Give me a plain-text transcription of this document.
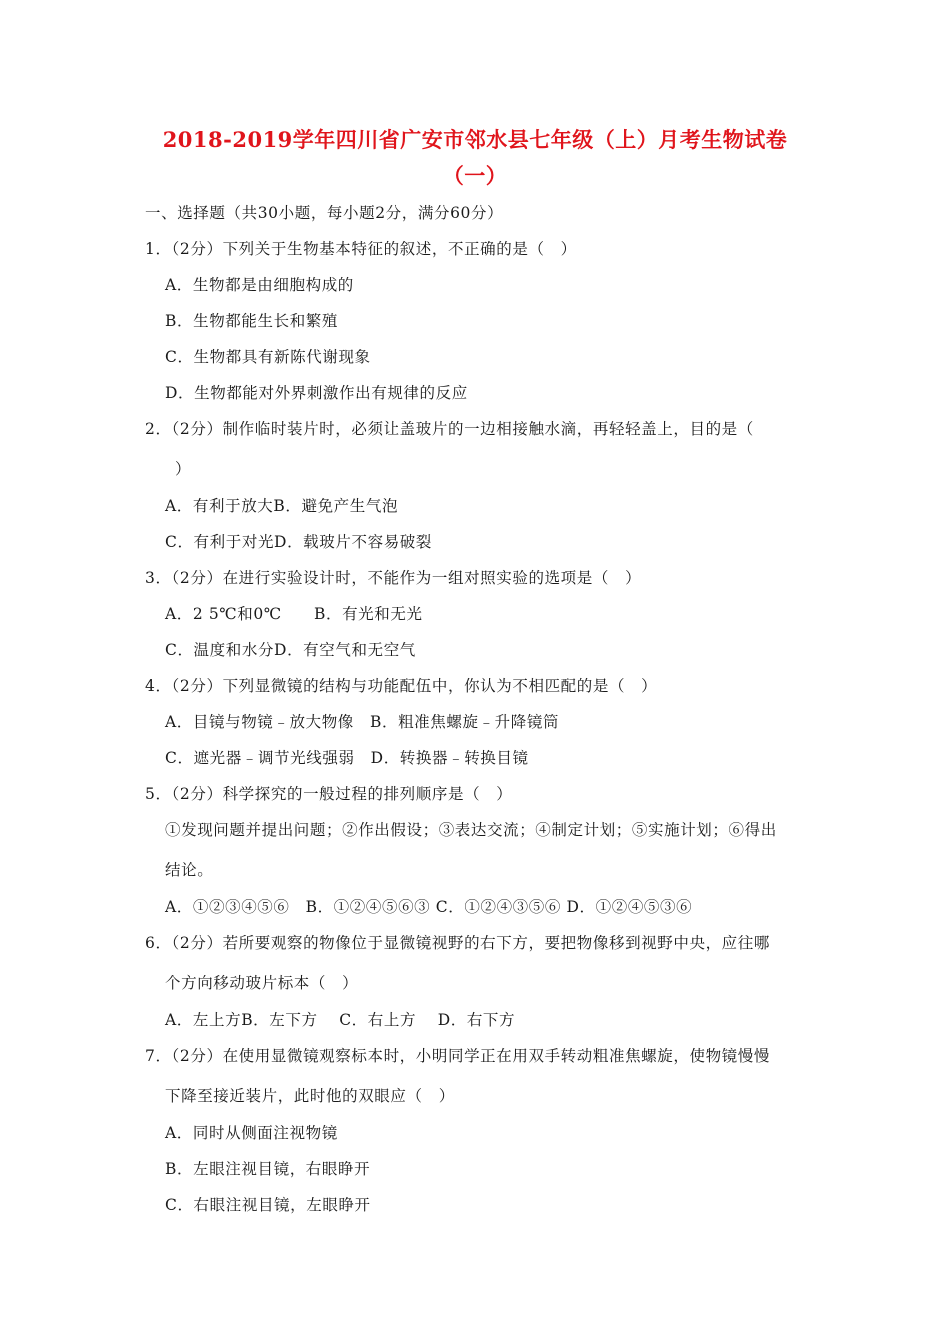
2018-2019学年四川省广安市邻水县七年级（上）月考生物试卷
（一）
一、选择题（共30小题，每小题2分，满分60分）
1．（2分）下列关于生物基本特征的叙述，不正确的是（　）
A．生物都是由细胞构成的
B．生物都能生长和繁殖
C．生物都具有新陈代谢现象
D．生物都能对外界刺激作出有规律的反应
2．（2分）制作临时装片时，必须让盖玻片的一边相接触水滴，再轻轻盖上，目的是（
）
A．有利于放大B．避免产生气泡
C．有利于对光D．载玻片不容易破裂
3．（2分）在进行实验设计时，不能作为一组对照实验的选项是（　）
A．2 5℃和0℃　　B．有光和无光
C．温度和水分D．有空气和无空气
4．（2分）下列显微镜的结构与功能配伍中，你认为不相匹配的是（　）
A．目镜与物镜﹣放大物像　B．粗准焦螺旋﹣升降镜筒
C．遮光器﹣调节光线强弱　D．转换器﹣转换目镜
5．（2分）科学探究的一般过程的排列顺序是（　）
①发现问题并提出问题；②作出假设；③表达交流；④制定计划；⑤实施计划；⑥得出
结论。
A．①②③④⑤⑥　B．①②④⑤⑥③ C．①②④③⑤⑥ D．①②④⑤③⑥
6．（2分）若所要观察的物像位于显微镜视野的右下方，要把物像移到视野中央，应往哪
个方向移动玻片标本（　）
A．左上方B．左下方　 C．右上方　 D．右下方
7．（2分）在使用显微镜观察标本时，小明同学正在用双手转动粗准焦螺旋，使物镜慢慢
下降至接近装片，此时他的双眼应（　）
A．同时从侧面注视物镜
B．左眼注视目镜，右眼睁开
C．右眼注视目镜，左眼睁开
